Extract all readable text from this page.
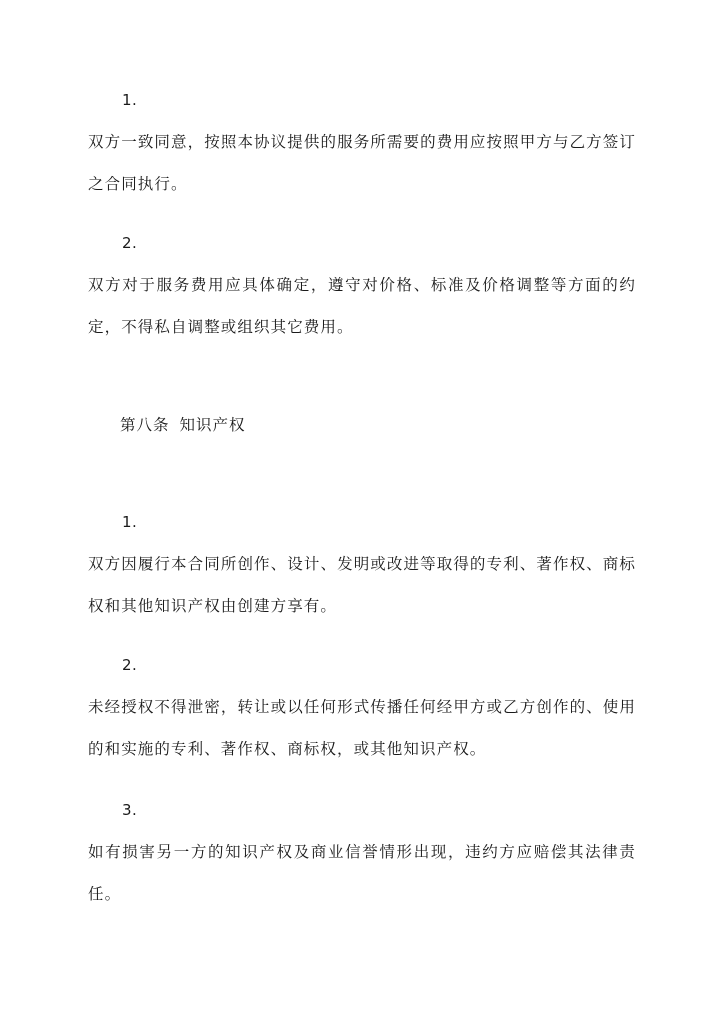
1.
双方一致同意，按照本协议提供的服务所需要的费用应按照甲方与乙方签订之合同执行。
2.
双方对于服务费用应具体确定，遵守对价格、标准及价格调整等方面的约定，不得私自调整或组织其它费用。
第八条 知识产权
1.
双方因履行本合同所创作、设计、发明或改进等取得的专利、著作权、商标权和其他知识产权由创建方享有。
2.
未经授权不得泄密，转让或以任何形式传播任何经甲方或乙方创作的、使用的和实施的专利、著作权、商标权，或其他知识产权。
3.
如有损害另一方的知识产权及商业信誉情形出现，违约方应赔偿其法律责任。
